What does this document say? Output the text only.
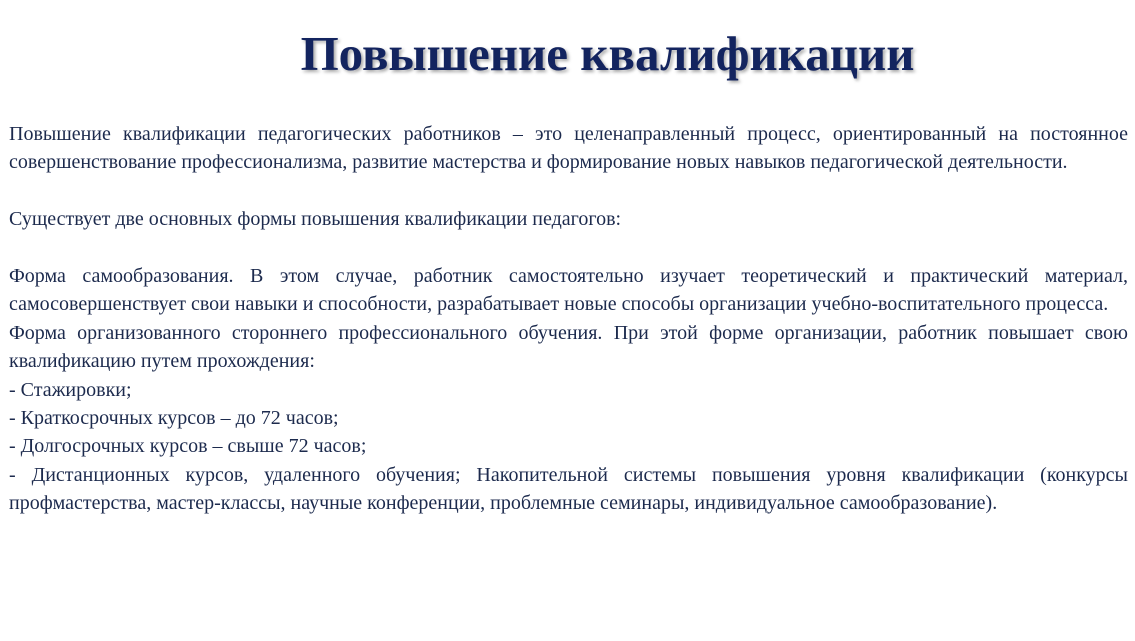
Повышение квалификации

Повышение квалификации педагогических работников – это целенаправленный процесс, ориентированный на постоянное совершенствование профессионализма, развитие мастерства и формирование новых навыков педагогической деятельности.

Существует две основных формы повышения квалификации педагогов:

Форма самообразования. В этом случае, работник самостоятельно изучает теоретический и практический материал, самосовершенствует свои навыки и способности, разрабатывает новые способы организации учебно-воспитательного процесса.

Форма организованного стороннего профессионального обучения. При этой форме организации, работник повышает свою квалификацию путем прохождения:

- Стажировки;

- Краткосрочных курсов – до 72 часов;

- Долгосрочных курсов – свыше 72 часов;

- Дистанционных курсов, удаленного обучения; Накопительной системы повышения уровня квалификации (конкурсы профмастерства, мастер-классы, научные конференции, проблемные семинары, индивидуальное самообразование).
